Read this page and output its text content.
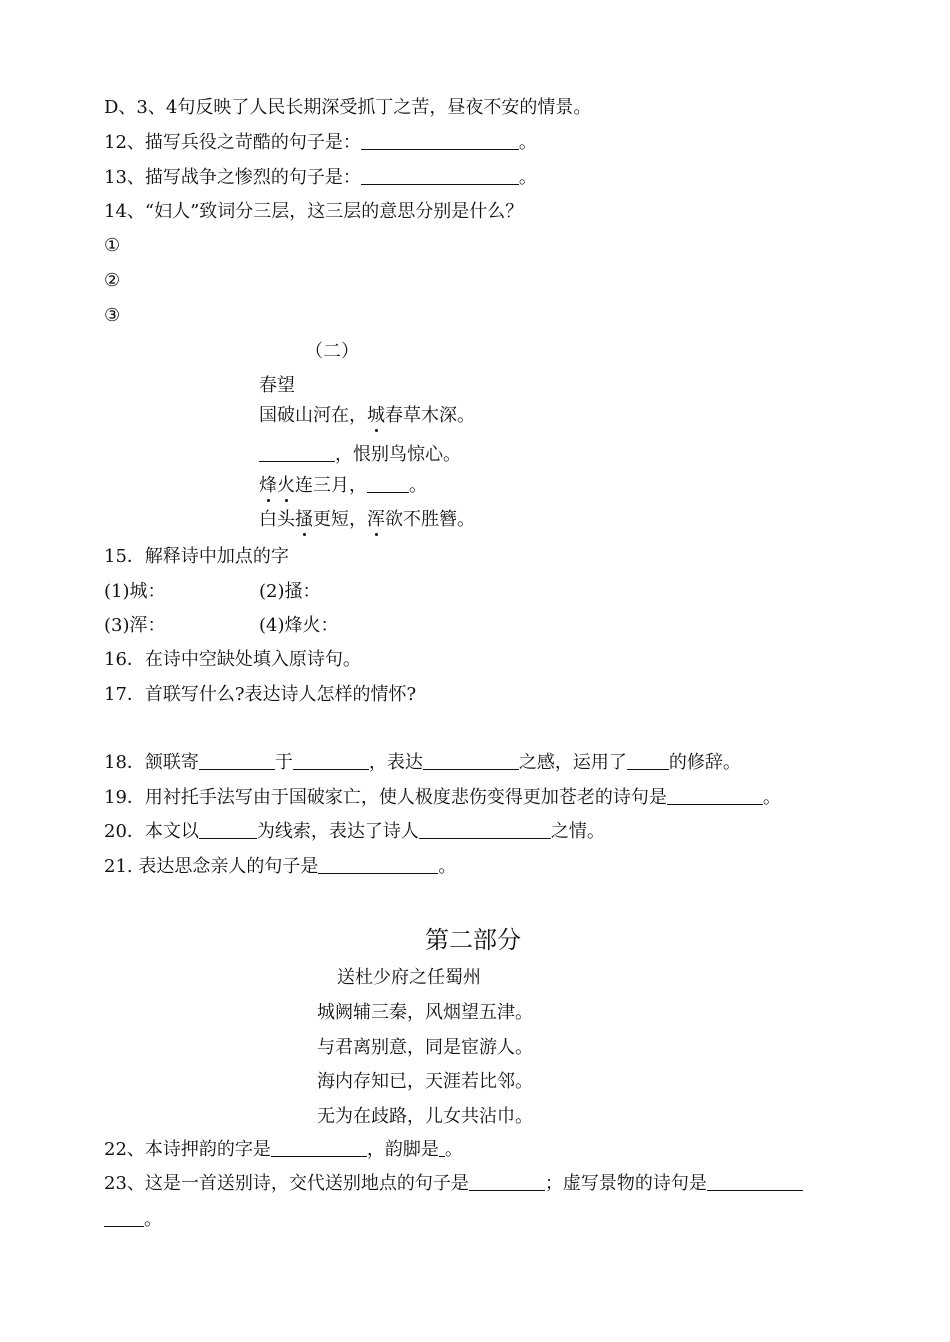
D、3、4句反映了人民长期深受抓丁之苦，昼夜不安的情景。
12、描写兵役之苛酷的句子是：	。
13、描写战争之惨烈的句子是：	。
14、“妇人”致词分三层，这三层的意思分别是什么？
①
②
③
（二）
春望
国破山河在，城春草木深。
，恨别鸟惊心。
烽火连三月， 。
白头搔更短，浑欲不胜簪。
15．解释诗中加点的字
(1)城：	(2)搔：
(3)浑：	(4)烽火：
16．在诗中空缺处填入原诗句。
17．首联写什么?表达诗人怎样的情怀?
18．颔联寄	于	，表达	之感，运用了 的修辞。
19．用衬托手法写由于国破家亡，使人极度悲伤变得更加苍老的诗句是	。
20．本文以	为线索，表达了诗人	之情。
21. 表达思念亲人的句子是	。
第二部分
送杜少府之任蜀州
城阙辅三秦，风烟望五津。
与君离别意，同是宦游人。
海内存知已，天涯若比邻。
无为在歧路，儿女共沾巾。
22、本诗押韵的字是	，韵脚是 。
23、这是一首送别诗，交代送别地点的句子是	；虚写景物的诗句是
。
